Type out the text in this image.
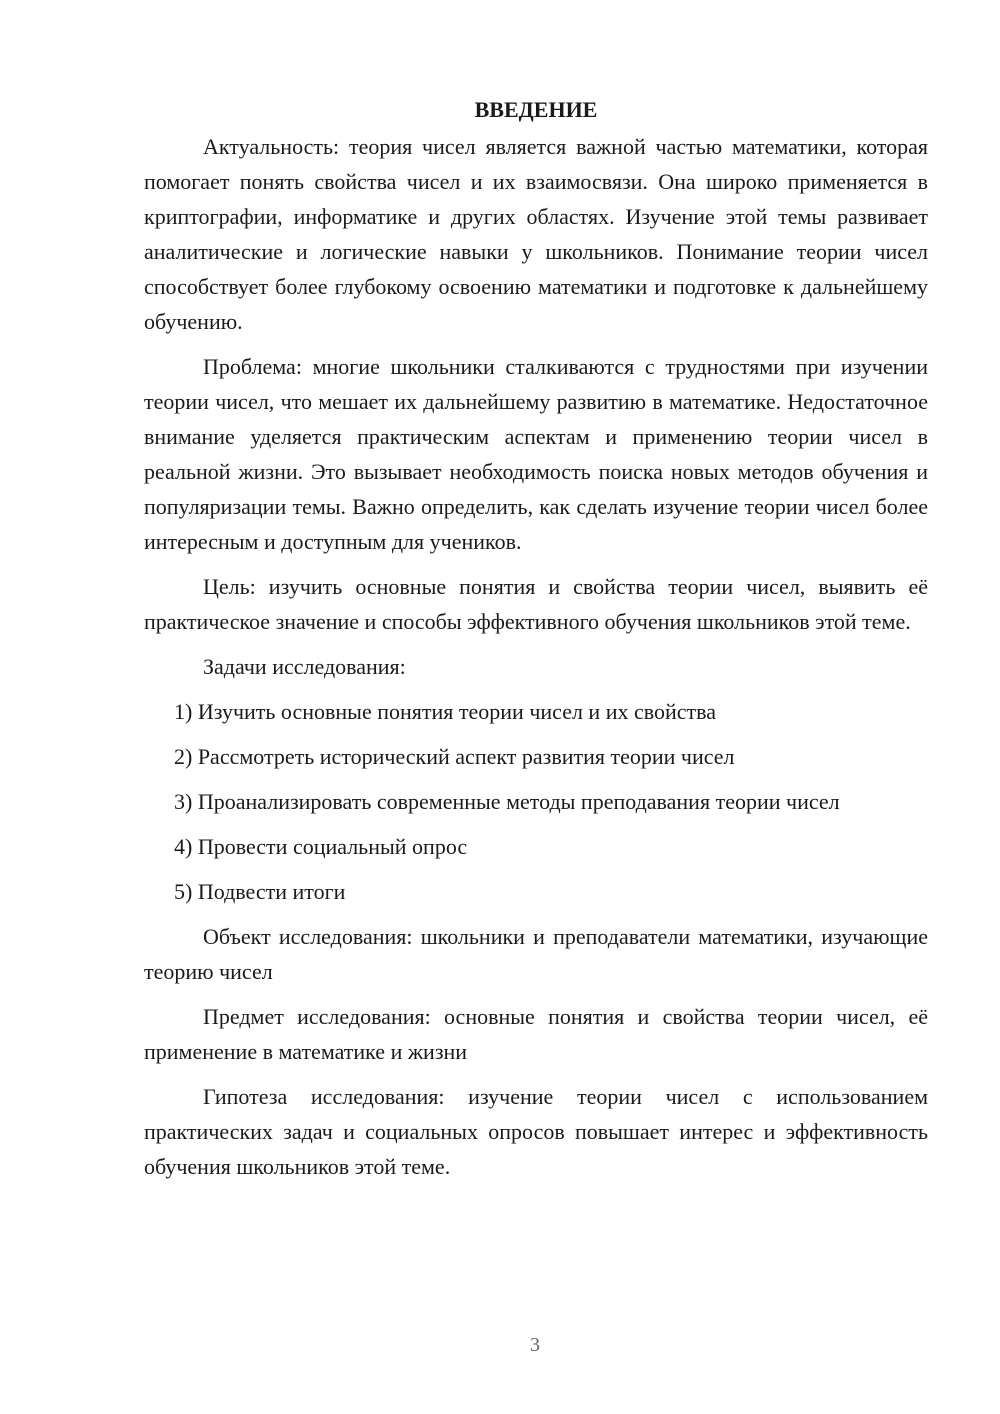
ВВЕДЕНИЕ

Актуальность: теория чисел является важной частью математики, которая помогает понять свойства чисел и их взаимосвязи. Она широко применяется в криптографии, информатике и других областях. Изучение этой темы развивает аналитические и логические навыки у школьников. Понимание теории чисел способствует более глубокому освоению математики и подготовке к дальнейшему обучению.

Проблема: многие школьники сталкиваются с трудностями при изучении теории чисел, что мешает их дальнейшему развитию в математике. Недостаточное внимание уделяется практическим аспектам и применению теории чисел в реальной жизни. Это вызывает необходимость поиска новых методов обучения и популяризации темы. Важно определить, как сделать изучение теории чисел более интересным и доступным для учеников.

Цель: изучить основные понятия и свойства теории чисел, выявить её практическое значение и способы эффективного обучения школьников этой теме.

Задачи исследования:

1) Изучить основные понятия теории чисел и их свойства

2) Рассмотреть исторический аспект развития теории чисел

3) Проанализировать современные методы преподавания теории чисел

4) Провести социальный опрос

5) Подвести итоги

Объект исследования: школьники и преподаватели математики, изучающие теорию чисел

Предмет исследования: основные понятия и свойства теории чисел, её применение в математике и жизни

Гипотеза исследования: изучение теории чисел с использованием практических задач и социальных опросов повышает интерес и эффективность обучения школьников этой теме.

3
